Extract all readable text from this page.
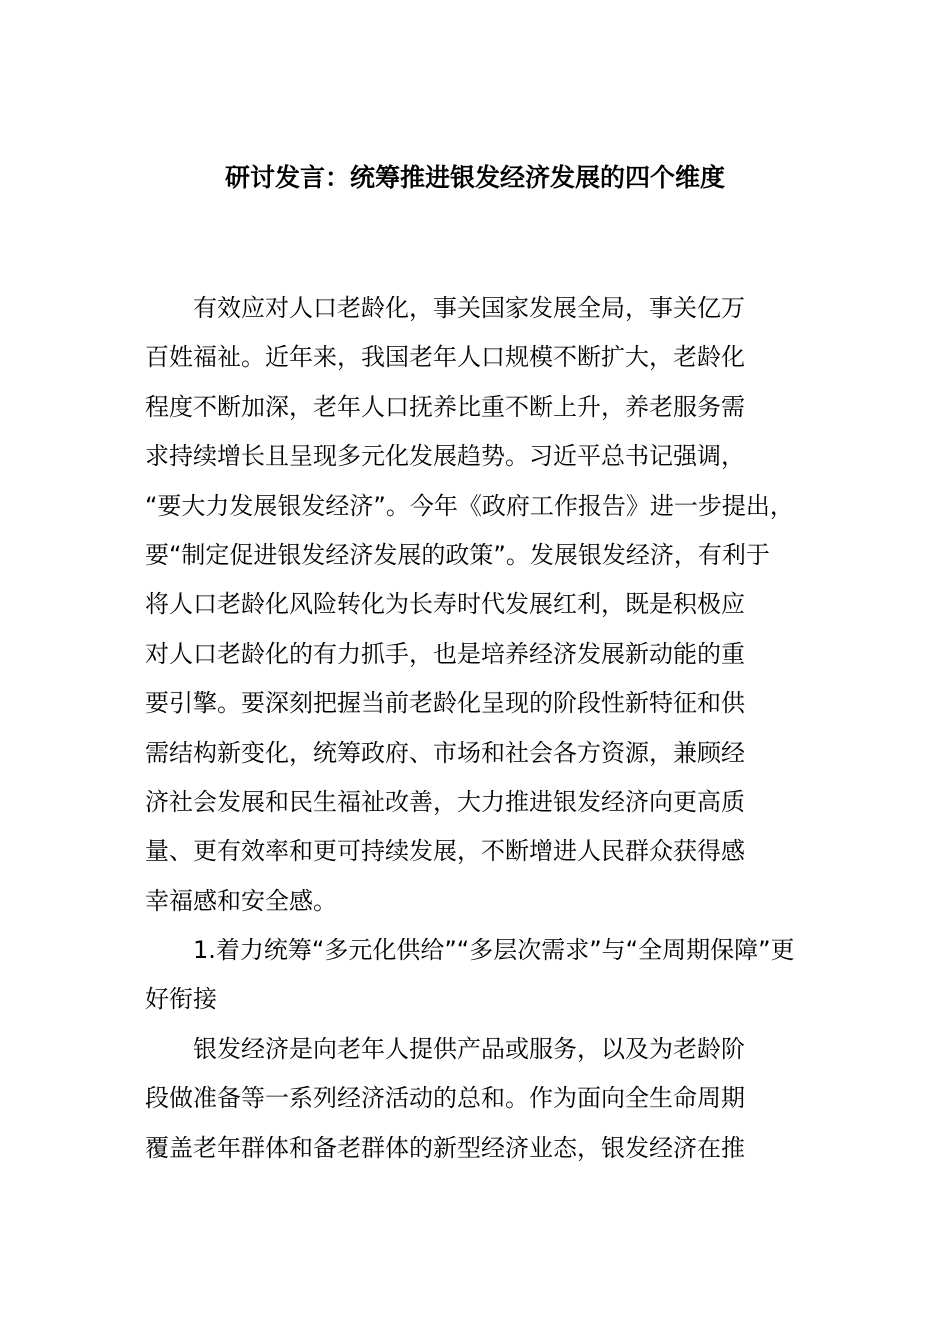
研讨发言：统筹推进银发经济发展的四个维度
有效应对人口老龄化，事关国家发展全局，事关亿万
百姓福祉。近年来，我国老年人口规模不断扩大，老龄化
程度不断加深，老年人口抚养比重不断上升，养老服务需
求持续增长且呈现多元化发展趋势。习近平总书记强调，
“要大力发展银发经济”。今年《政府工作报告》进一步提出，
要“制定促进银发经济发展的政策”。发展银发经济，有利于
将人口老龄化风险转化为长寿时代发展红利，既是积极应
对人口老龄化的有力抓手，也是培养经济发展新动能的重
要引擎。要深刻把握当前老龄化呈现的阶段性新特征和供
需结构新变化，统筹政府、市场和社会各方资源，兼顾经
济社会发展和民生福祉改善，大力推进银发经济向更高质
量、更有效率和更可持续发展，不断增进人民群众获得感
幸福感和安全感。
1.着力统筹“多元化供给”“多层次需求”与“全周期保障”更
好衔接
银发经济是向老年人提供产品或服务，以及为老龄阶
段做准备等一系列经济活动的总和。作为面向全生命周期
覆盖老年群体和备老群体的新型经济业态，银发经济在推
